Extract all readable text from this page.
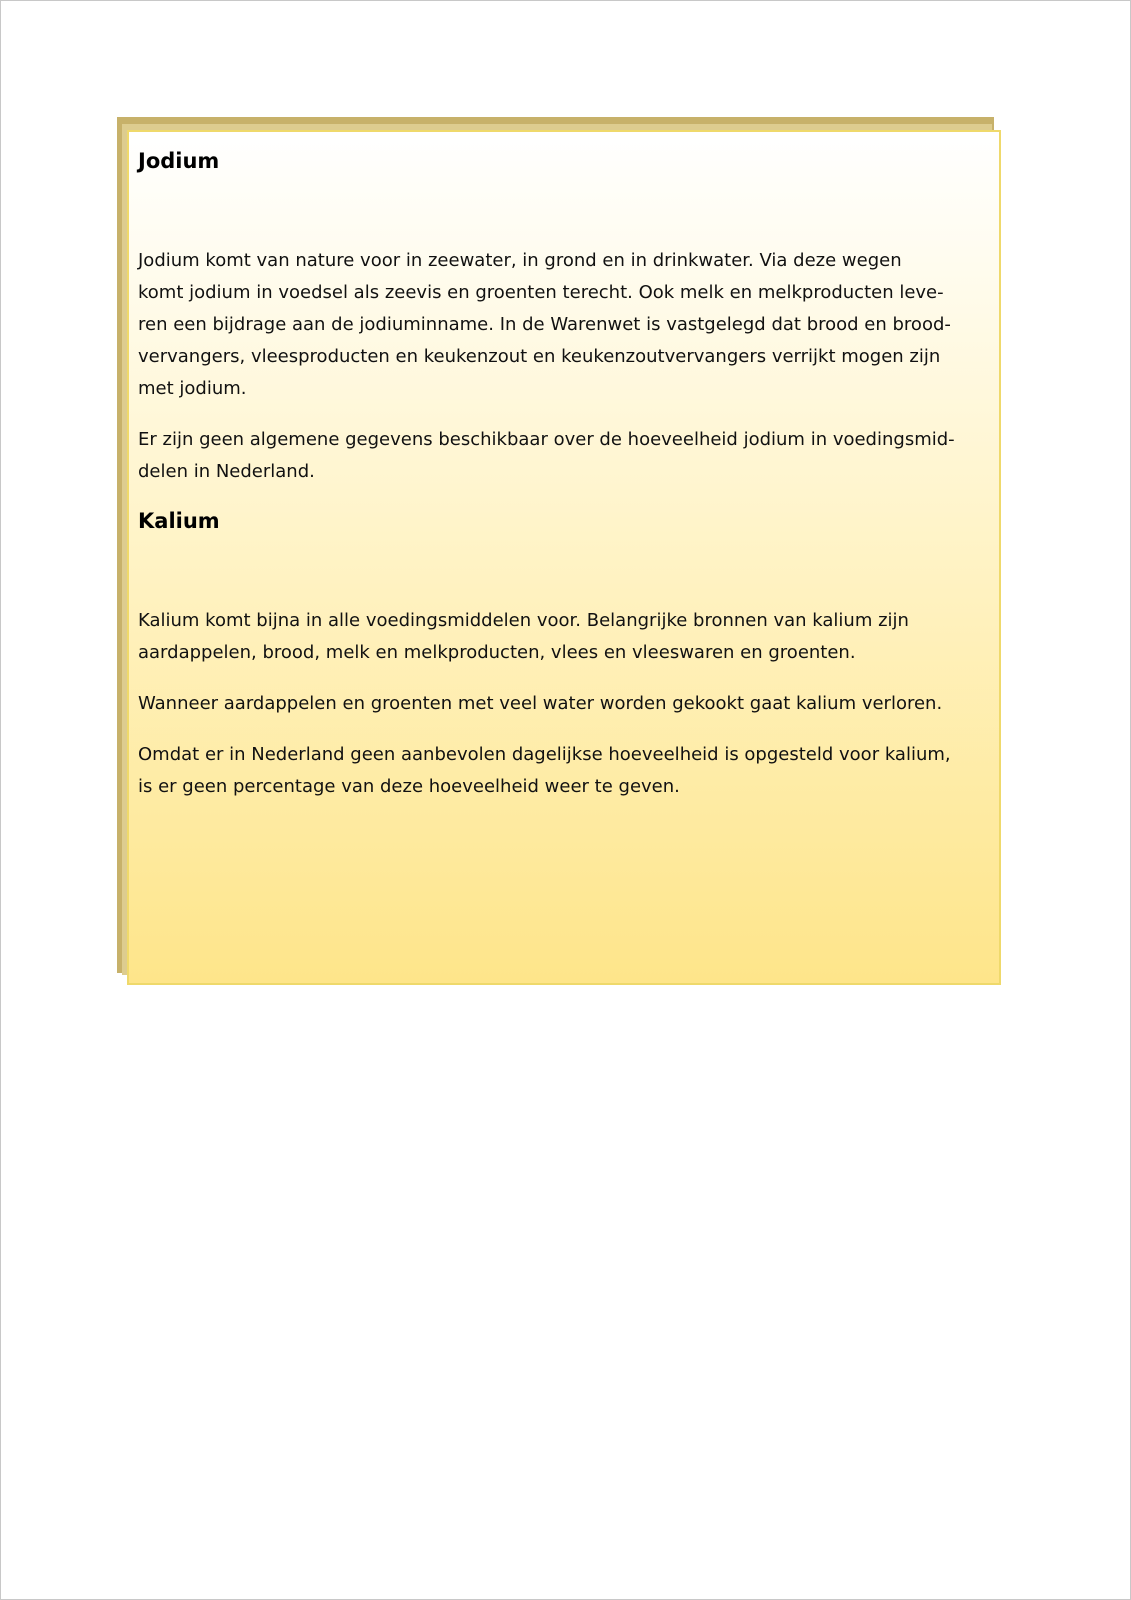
Jodium

Jodium komt van nature voor in zeewater, in grond en in drinkwater. Via deze wegen
komt jodium in voedsel als zeevis en groenten terecht. Ook melk en melkproducten leve-
ren een bijdrage aan de jodiuminname. In de Warenwet is vastgelegd dat brood en brood-
vervangers, vleesproducten en keukenzout en keukenzoutvervangers verrijkt mogen zijn
met jodium.

Er zijn geen algemene gegevens beschikbaar over de hoeveelheid jodium in voedingsmid-
delen in Nederland.

Kalium

Kalium komt bijna in alle voedingsmiddelen voor. Belangrijke bronnen van kalium zijn
aardappelen, brood, melk en melkproducten, vlees en vleeswaren en groenten.

Wanneer aardappelen en groenten met veel water worden gekookt gaat kalium verloren.

Omdat er in Nederland geen aanbevolen dagelijkse hoeveelheid is opgesteld voor kalium,
is er geen percentage van deze hoeveelheid weer te geven.
